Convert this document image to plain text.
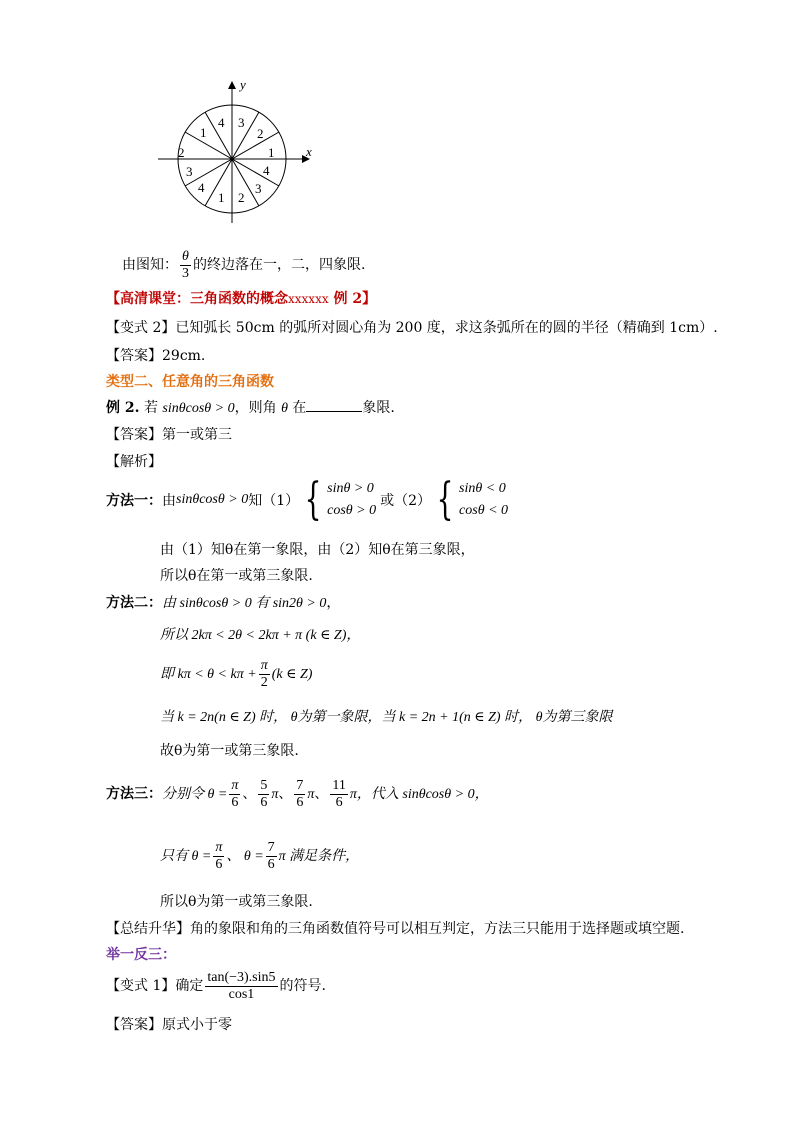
y
x
1
2
3
4
2
1
3
4
1 2
3
4
由图知： $\frac{\theta}{3}$ 的终边落在一，二，四象限.
【高清课堂：三角函数的概念xxxxxx 例 2】
【变式 2】已知弧长 50cm 的弧所对圆心角为 200 度，求这条弧所在的圆的半径（精确到 1cm）.
【答案】29cm.
类型二、任意角的三角函数
例 2. 若 sinθcosθ > 0，则角 θ 在	象限.
【答案】第一或第三
【解析】
方法一： 由 sinθcosθ > 0 知（1） { sinθ > 0
cosθ > 0
或（2） { sinθ < 0
cosθ < 0
由（1）知θ在第一象限，由（2）知θ在第三象限，
所以θ在第一或第三象限.
方法二：由 sinθcosθ > 0 有 sin2θ > 0，
所以 2kπ < 2θ < 2kπ + π (k ∈ Z)，
即 $k\pi < \theta < k\pi + \frac{\pi}{2} (k$ ∈ Z)
当 k = 2n(n ∈ Z) 时， θ为第一象限，当 k = 2n + 1(n ∈ Z) 时， θ为第三象限
故θ为第一或第三象限.
方法三：分别令 $\theta = \frac{\pi}{6}$ 、 $\frac{5}{6}$ π、 $\frac{7}{6}$ π、 $\frac{11}{6}$ π，代入 sinθcosθ > 0，
只有 $\theta = \frac{\pi}{6}$ 、 $\theta = \frac{7}{6}$ π 满足条件，
所以θ为第一或第三象限.
【总结升华】角的象限和角的三角函数值符号可以相互判定，方法三只能用于选择题或填空题.
举一反三：
【变式 1】确定 $\frac{\tan(-3).\sin 5}{\cos 1}$ 的符号.
【答案】原式小于零
